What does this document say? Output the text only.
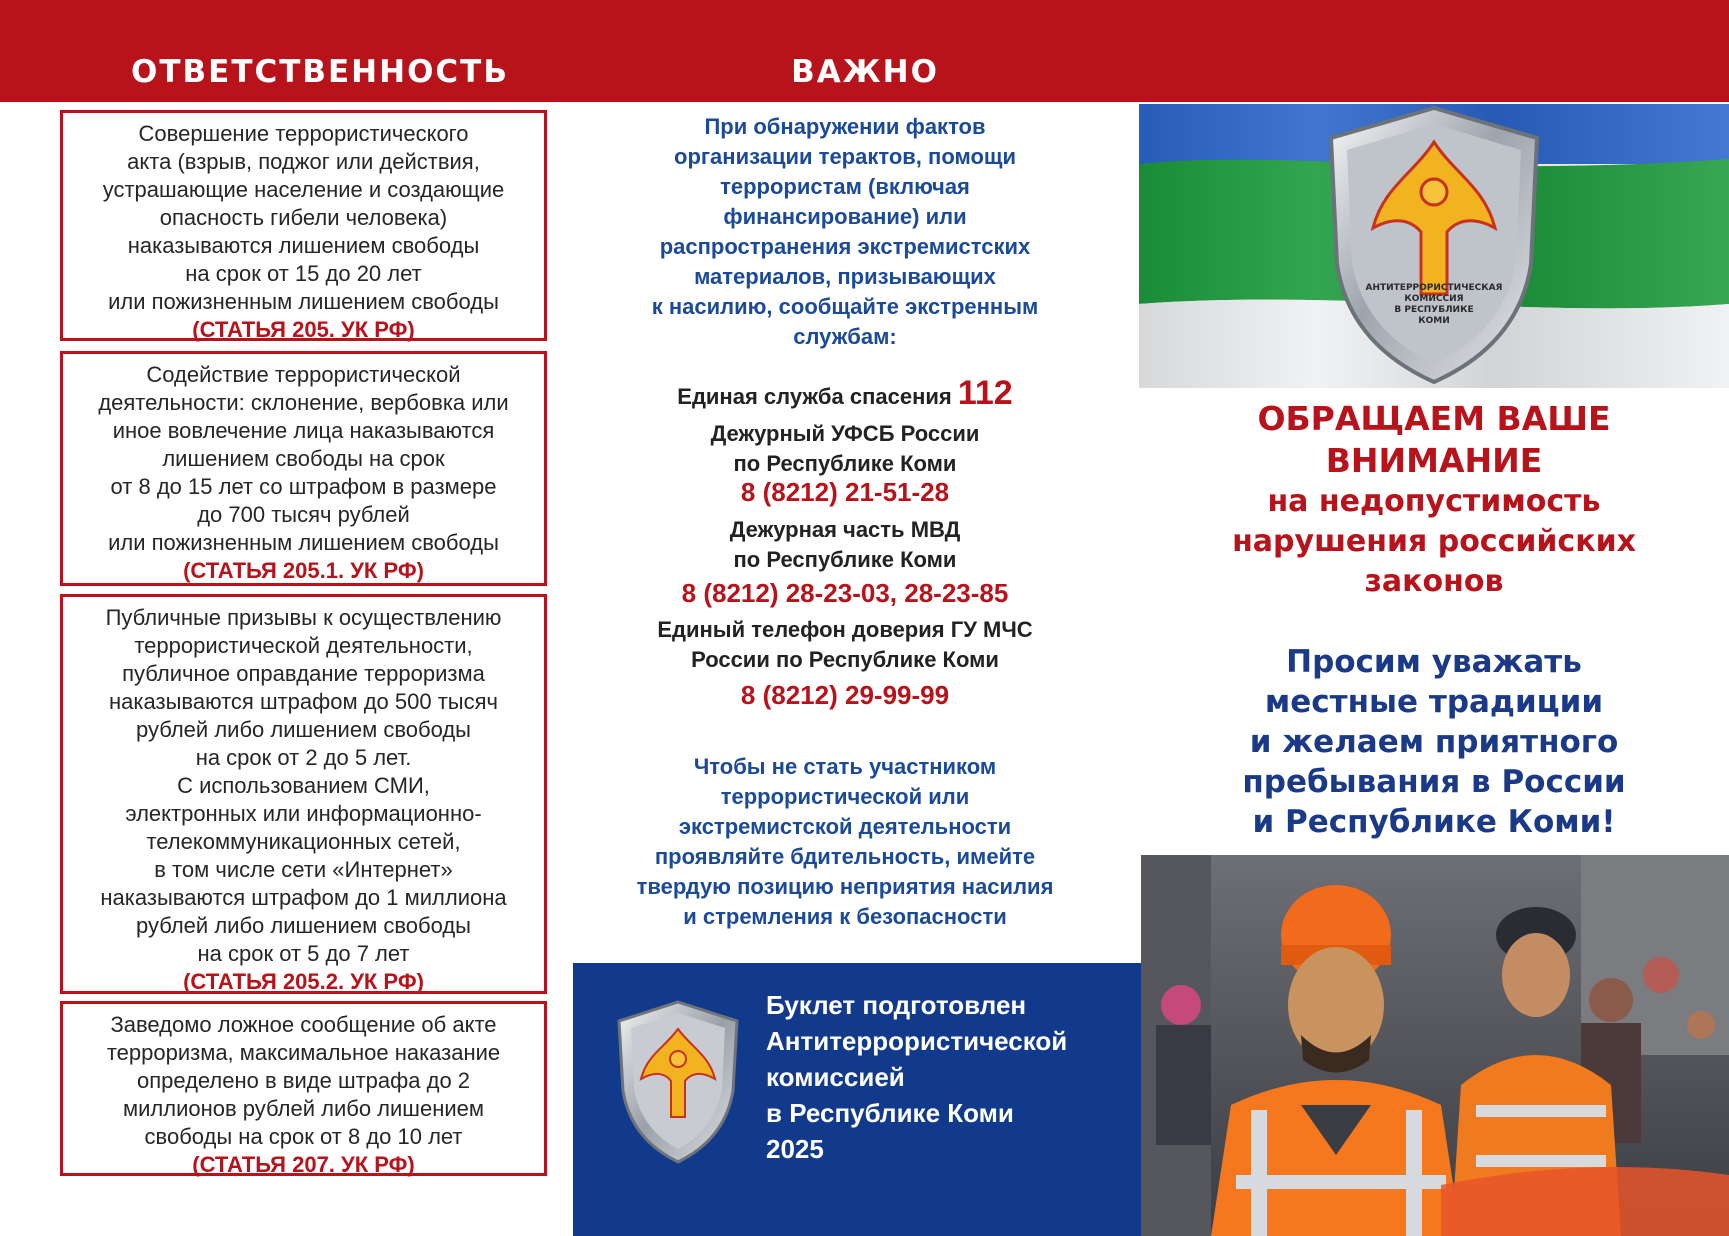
ОТВЕТСТВЕННОСТЬ	ВАЖНО
Совершение террористического
акта (взрыв, поджог или действия,
устрашающие население и создающие
опасность гибели человека)
наказываются лишением свободы
на срок от 15 до 20 лет
или пожизненным лишением свободы
(СТАТЬЯ 205. УК РФ)
Содействие террористической
деятельности: склонение, вербовка или
иное вовлечение лица наказываются
лишением свободы на срок
от 8 до 15 лет со штрафом в размере
до 700 тысяч рублей
или пожизненным лишением свободы
(СТАТЬЯ 205.1. УК РФ)
Публичные призывы к осуществлению
террористической деятельности,
публичное оправдание терроризма
наказываются штрафом до 500 тысяч
рублей либо лишением свободы
на срок от 2 до 5 лет.
С использованием СМИ,
электронных или информационно-
телекоммуникационных сетей,
в том числе сети «Интернет»
наказываются штрафом до 1 миллиона
рублей либо лишением свободы
на срок от 5 до 7 лет
(СТАТЬЯ 205.2. УК РФ)
Заведомо ложное сообщение об акте
терроризма, максимальное наказание
определено в виде штрафа до 2
миллионов рублей либо лишением
свободы на срок от 8 до 10 лет
(СТАТЬЯ 207. УК РФ)
При обнаружении фактов
организации терактов, помощи
террористам (включая
финансирование) или
распространения экстремистских
материалов, призывающих
к насилию, сообщайте экстренным
службам:
Единая служба спасения 112
Дежурный УФСБ России
по Республике Коми
8 (8212) 21-51-28
Дежурная часть МВД
по Республике Коми
8 (8212) 28-23-03, 28-23-85
Единый телефон доверия ГУ МЧС
России по Республике Коми
8 (8212) 29-99-99
Чтобы не стать участником
террористической или
экстремистской деятельности
проявляйте бдительность, имейте
твердую позицию неприятия насилия
и стремления к безопасности
Буклет подготовлен
Антитеррористической
комиссией
в Республике Коми
2025
АНТИТЕРРОРИСТИЧЕСКАЯ
КОМИССИЯ
В РЕСПУБЛИКЕ
КОМИ
ОБРАЩАЕМ ВАШЕ
ВНИМАНИЕ
на недопустимость
нарушения российских
законов
Просим уважать
местные традиции
и желаем приятного
пребывания в России
и Республике Коми!
